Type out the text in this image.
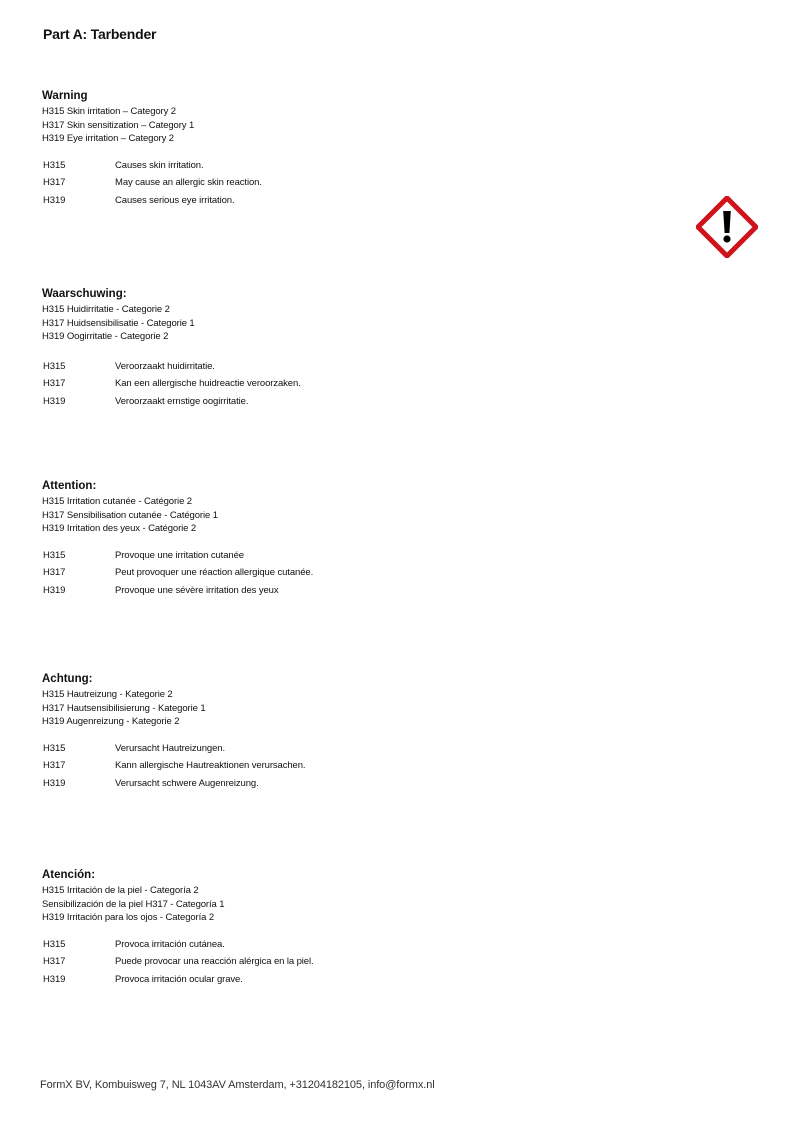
Part A: Tarbender
Warning
H315 Skin irritation – Category 2
H317 Skin sensitization – Category 1
H319 Eye irritation – Category 2
H315	Causes skin irritation.
H317	May cause an allergic skin reaction.
H319	Causes serious eye irritation.
Waarschuwing:
H315 Huidirritatie - Categorie 2
H317 Huidsensibilisatie - Categorie 1
H319 Oogirritatie - Categorie 2
H315	Veroorzaakt huidirritatie.
H317	Kan een allergische huidreactie veroorzaken.
H319	Veroorzaakt ernstige oogirritatie.
Attention:
H315 Irritation cutanée - Catégorie 2
H317 Sensibilisation cutanée - Catégorie 1
H319 Irritation des yeux - Catégorie 2
H315	Provoque une irritation cutanée
H317	Peut provoquer une réaction allergique cutanée.
H319	Provoque une sévère irritation des yeux
Achtung:
H315 Hautreizung - Kategorie 2
H317 Hautsensibilisierung - Kategorie 1
H319 Augenreizung - Kategorie 2
H315	Verursacht Hautreizungen.
H317	Kann allergische Hautreaktionen verursachen.
H319	Verursacht schwere Augenreizung.
Atención:
H315 Irritación de la piel - Categoría 2
Sensibilización de la piel H317 - Categoría 1
H319 Irritación para los ojos - Categoría 2
H315	Provoca irritación cutánea.
H317	Puede provocar una reacción alérgica en la piel.
H319	Provoca irritación ocular grave.
FormX BV, Kombuisweg 7, NL 1043AV Amsterdam, +31204182105, info@formx.nl
